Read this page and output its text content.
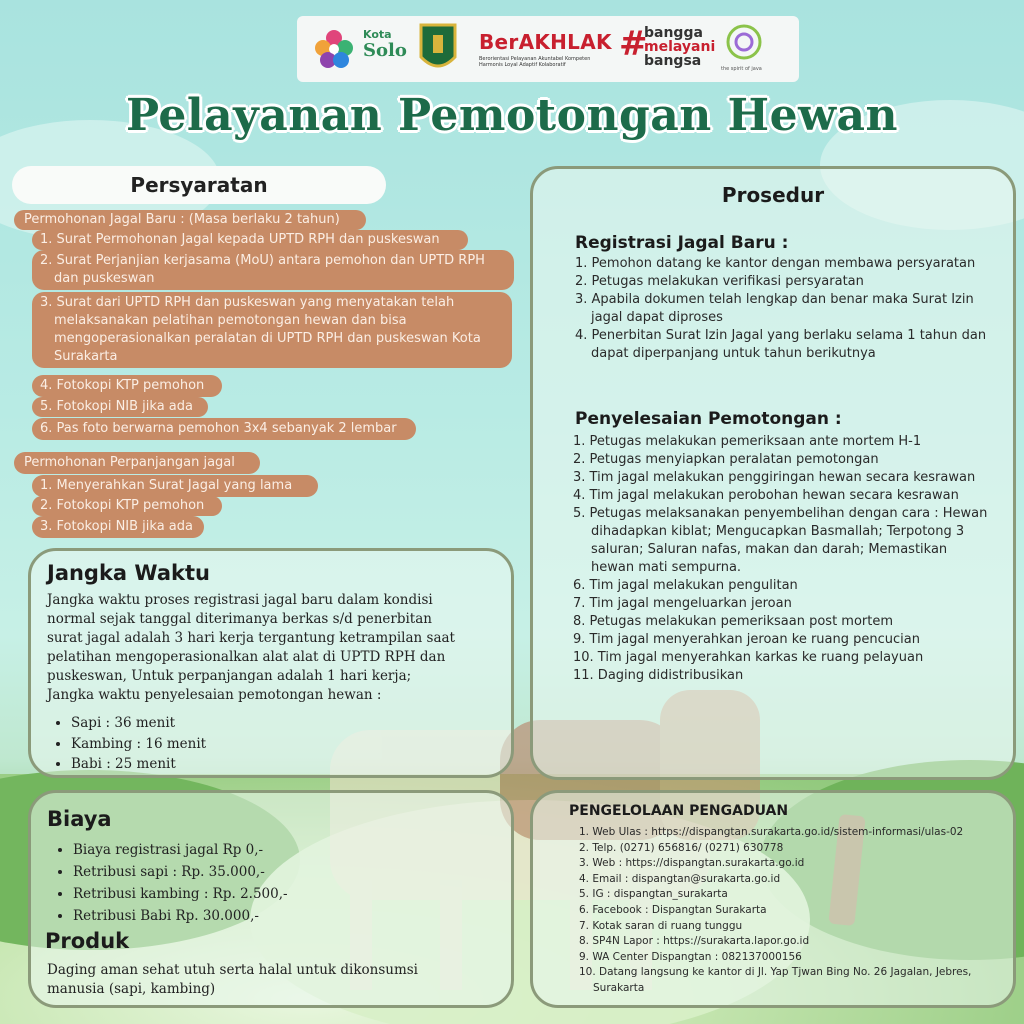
Kota
Solo	BerAKHLAK
Berorientasi Pelayanan Akuntabel Kompeten
Harmonis Loyal Adaptif Kolaboratif
#
bangga
melayani
bangsa	the spirit of java
Pelayanan Pemotongan Hewan
Persyaratan
Permohonan Jagal Baru : (Masa berlaku 2 tahun)
1. Surat Permohonan Jagal kepada UPTD RPH dan puskeswan
2. Surat Perjanjian kerjasama (MoU) antara pemohon dan UPTD RPH
dan puskeswan
3. Surat dari UPTD RPH dan puskeswan yang menyatakan telah
melaksanakan pelatihan pemotongan hewan dan bisa
mengoperasionalkan peralatan di UPTD RPH dan puskeswan Kota
Surakarta
4. Fotokopi KTP pemohon
5. Fotokopi NIB jika ada
6. Pas foto berwarna pemohon 3x4 sebanyak 2 lembar
Permohonan Perpanjangan jagal
1. Menyerahkan Surat Jagal yang lama
2. Fotokopi KTP pemohon
3. Fotokopi NIB jika ada
Prosedur
Registrasi Jagal Baru :
1. Pemohon datang ke kantor dengan membawa persyaratan
2. Petugas melakukan verifikasi persyaratan
3. Apabila dokumen telah lengkap dan benar maka Surat Izin
jagal dapat diproses
4. Penerbitan Surat Izin Jagal yang berlaku selama 1 tahun dan
dapat diperpanjang untuk tahun berikutnya
Penyelesaian Pemotongan :
1. Petugas melakukan pemeriksaan ante mortem H-1
2. Petugas menyiapkan peralatan pemotongan
3. Tim jagal melakukan penggiringan hewan secara kesrawan
4. Tim jagal melakukan perobohan hewan secara kesrawan
5. Petugas melaksanakan penyembelihan dengan cara : Hewan
dihadapkan kiblat; Mengucapkan Basmallah; Terpotong 3
saluran; Saluran nafas, makan dan darah; Memastikan
hewan mati sempurna.
6. Tim jagal melakukan pengulitan
7. Tim jagal mengeluarkan jeroan
8. Petugas melakukan pemeriksaan post mortem
9. Tim jagal menyerahkan jeroan ke ruang pencucian
10. Tim jagal menyerahkan karkas ke ruang pelayuan
11. Daging didistribusikan
Jangka Waktu
Jangka waktu proses registrasi jagal baru dalam kondisi
normal sejak tanggal diterimanya berkas s/d penerbitan
surat jagal adalah 3 hari kerja tergantung ketrampilan saat
pelatihan mengoperasionalkan alat alat di UPTD RPH dan
puskeswan, Untuk perpanjangan adalah 1 hari kerja;
Jangka waktu penyelesaian pemotongan hewan :
• Sapi : 36 menit
• Kambing : 16 menit
• Babi : 25 menit
Biaya
• Biaya registrasi jagal Rp 0,-
• Retribusi sapi : Rp. 35.000,-
• Retribusi kambing : Rp. 2.500,-
• Retribusi Babi Rp. 30.000,-
Produk
Daging aman sehat utuh serta halal untuk dikonsumsi
manusia (sapi, kambing)
PENGELOLAAN PENGADUAN
1. Web Ulas : https://dispangtan.surakarta.go.id/sistem-informasi/ulas-02
2. Telp. (0271) 656816/ (0271) 630778
3. Web : https://dispangtan.surakarta.go.id
4. Email : dispangtan@surakarta.go.id
5. IG : dispangtan_surakarta
6. Facebook : Dispangtan Surakarta
7. Kotak saran di ruang tunggu
8. SP4N Lapor : https://surakarta.lapor.go.id
9. WA Center Dispangtan : 082137000156
10. Datang langsung ke kantor di Jl. Yap Tjwan Bing No. 26 Jagalan, Jebres,
Surakarta
